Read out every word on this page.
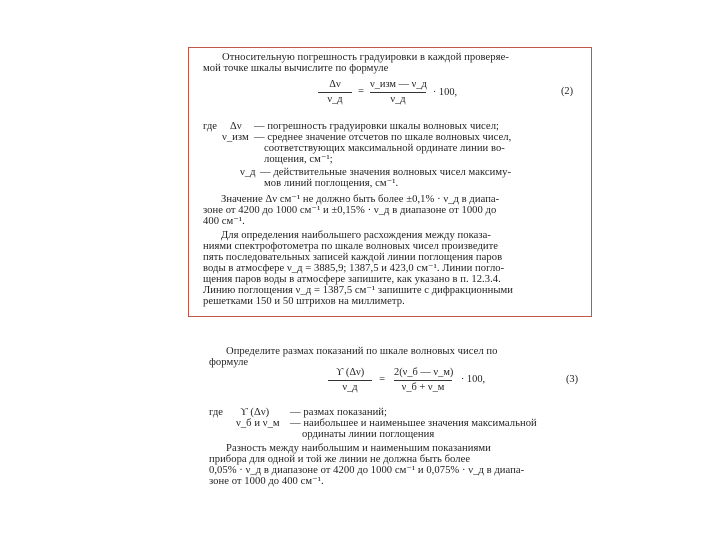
Относительную погрешность градуировки в каждой проверяе-
мой точке шкалы вычислите по формуле
Δν
ν_д
=
ν_изм — ν_д
ν_д
· 100,	(2)
где Δν — погрешность градуировки шкалы волновых чисел;
ν_изм — среднее значение отсчетов по шкале волновых чисел,
соответствующих максимальной ординате линии во-
лощения, см⁻¹;
ν_д — действительные значения волновых чисел максиму-
мов линий поглощения, см⁻¹.
Значение Δν см⁻¹ не должно быть более ±0,1% · ν_д в диапа-
зоне от 4200 до 1000 см⁻¹ и ±0,15% · ν_д в диапазоне от 1000 до
400 см⁻¹.
Для определения наибольшего расхождения между показа-
ниями спектрофотометра по шкале волновых чисел произведите
пять последовательных записей каждой линии поглощения паров
воды в атмосфере ν_д = 3885,9; 1387,5 и 423,0 см⁻¹. Линии погло-
щения паров воды в атмосфере запишите, как указано в п. 12.3.4.
Линию поглощения ν_д = 1387,5 см⁻¹ запишите с дифракционными
решетками 150 и 50 штрихов на миллиметр.
Определите размах показаний по шкале волновых чисел по
формуле
ϒ (Δν)
ν_д
=
2(ν_б — ν_м)
ν_б + ν_м
· 100,	(3)
где ϒ (Δν) — размах показаний;
ν_б и ν_м — наибольшее и наименьшее значения максимальной
ординаты линии поглощения
Разность между наибольшим и наименьшим показаниями
прибора для одной и той же линии не должна быть более
0,05% · ν_д в диапазоне от 4200 до 1000 см⁻¹ и 0,075% · ν_д в диапа-
зоне от 1000 до 400 см⁻¹.
